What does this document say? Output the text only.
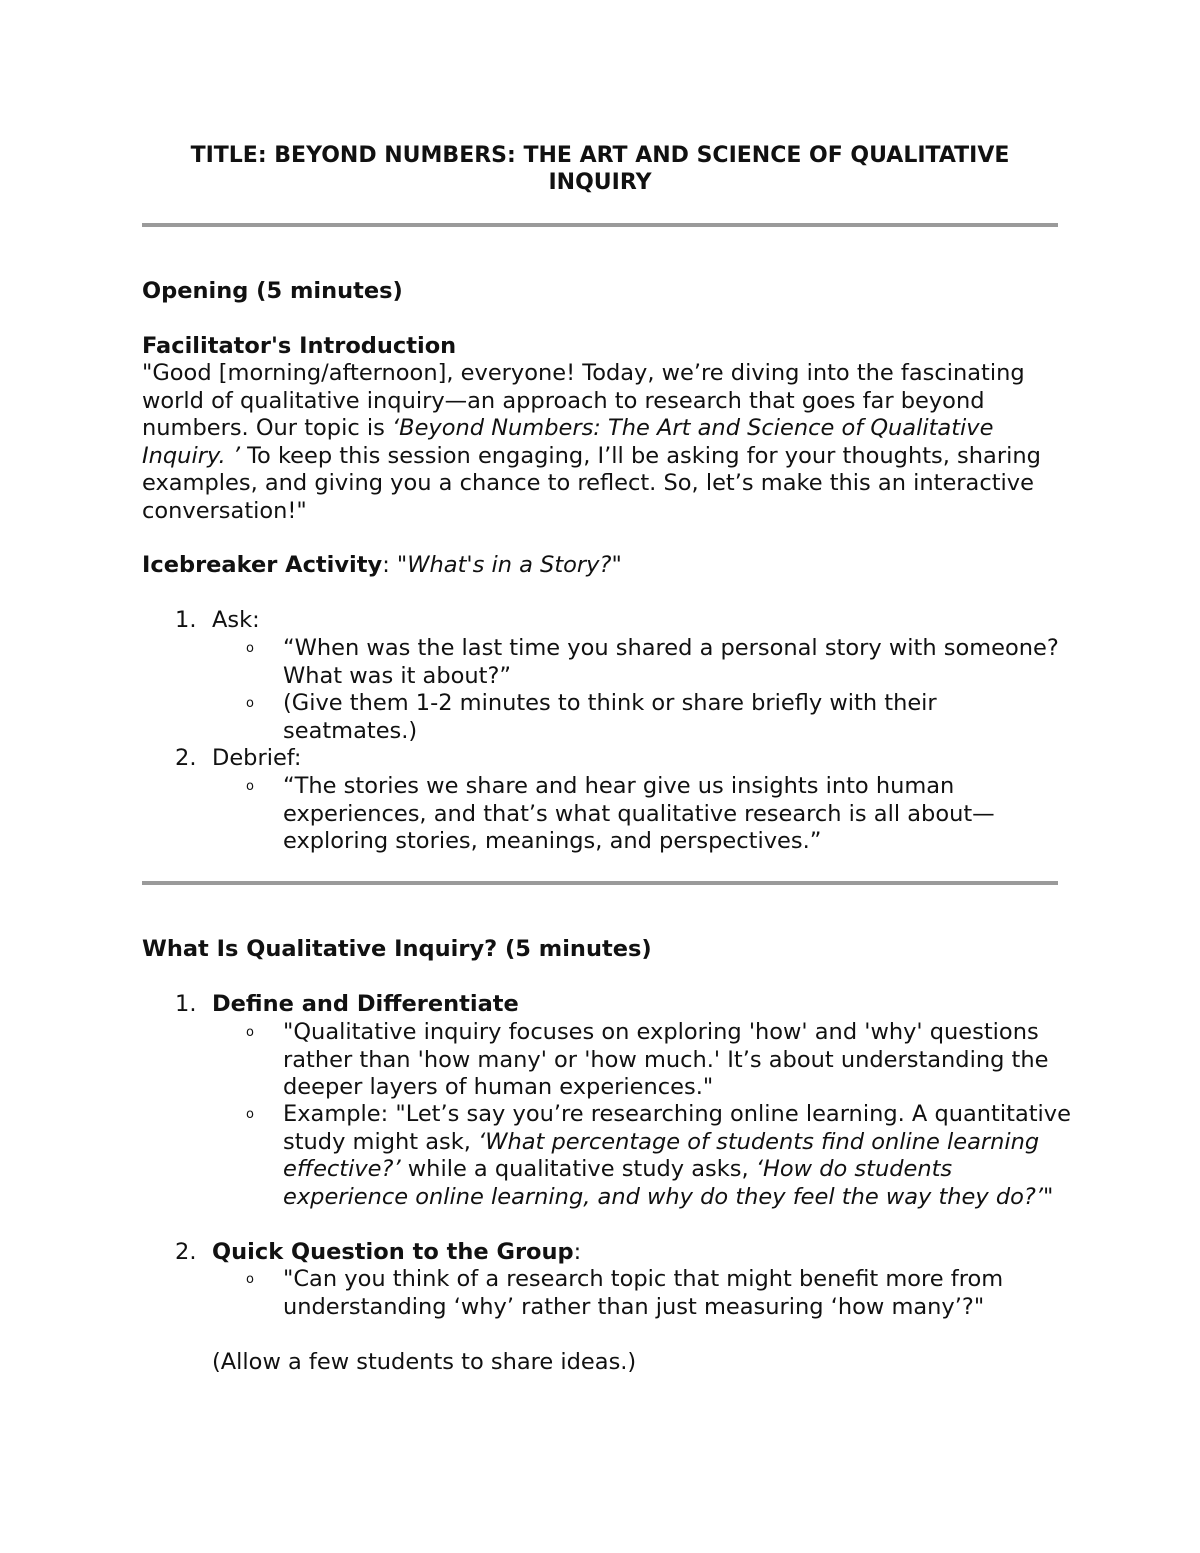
TITLE: BEYOND NUMBERS: THE ART AND SCIENCE OF QUALITATIVE INQUIRY

Opening (5 minutes)

Facilitator's Introduction

"Good [morning/afternoon], everyone! Today, we’re diving into the fascinating world of qualitative inquiry—an approach to research that goes far beyond numbers. Our topic is ‘Beyond Numbers: The Art and Science of Qualitative Inquiry. ’ To keep this session engaging, I’ll be asking for your thoughts, sharing examples, and giving you a chance to reflect. So, let’s make this an interactive conversation!"

Icebreaker Activity: "What's in a Story?"

1. Ask:

o	“When was the last time you shared a personal story with someone? What was it about?”

o	(Give them 1-2 minutes to think or share briefly with their seatmates.)

2. Debrief:

o	“The stories we share and hear give us insights into human experiences, and that’s what qualitative research is all about—exploring stories, meanings, and perspectives.”

What Is Qualitative Inquiry? (5 minutes)

1. Define and Differentiate

o	"Qualitative inquiry focuses on exploring 'how' and 'why' questions rather than 'how many' or 'how much.' It’s about understanding the deeper layers of human experiences."

o	Example: "Let’s say you’re researching online learning. A quantitative study might ask, ‘What percentage of students find online learning effective?’ while a qualitative study asks, ‘How do students experience online learning, and why do they feel the way they do?’"

2. Quick Question to the Group:

o	"Can you think of a research topic that might benefit more from understanding ‘why’ rather than just measuring ‘how many’?"

(Allow a few students to share ideas.)
